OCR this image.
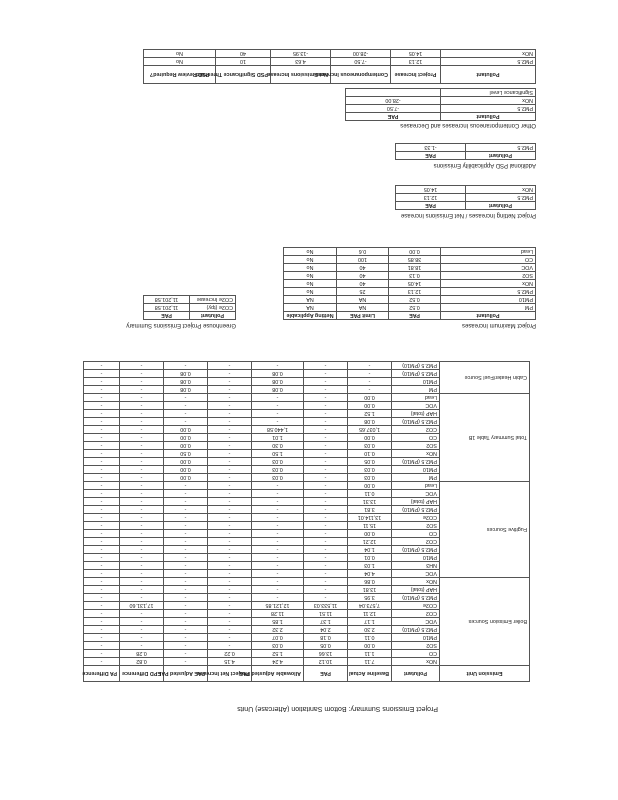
Pollutant	Project Increase	Contemporaneous Increases	Net Emissions Increase	PSD Significance Threshold	PSD Review Required?
PM2.5	12.13	-7.50	4.63	10	No
NOx	14.05	-28.00	-13.95	40	No
Other Contemporaneous Increases and Decreases
Pollutant	PAE
PM2.5	-7.50
NOx	-28.00
Significance Level	
Additional PSD Applicability Emissions
Pollutant	PAE
PM2.5	-1.33
Project Netting Increases / Net Emissions Increase
Pollutant	PAE
PM2.5	12.13
NOx	14.05
Project Maximum Increases
Pollutant	PAE	Limit PAE	Netting Applicable
PM	0.52	NA	NA
PM10	0.52	NA	NA
PM2.5	12.13	25	No
NOx	14.05	40	No
SO2	0.13	40	No
VOC	18.81	40	No
CO	38.85	100	No
Lead	0.00	0.6	No
Greenhouse Project Emissions Summary
Pollutant	PAE
CO2e (tpy)	11,201.58
CO2e Increase	11,201.58
Emission Unit	Pollutant	Baseline Actual	PAE	Allowable Adjusted PAE	Project Net Increase	PAE Adjusted PAE	EPD Difference	PA Difference
Boiler Emission Sources	NOx	7.11	10.12	4.24	4.15	-	0.82	-
	CO	1.11	13.66	1.52	0.22	-	0.28	-
	SO2	0.00	0.05	0.03	-	-	-	-
	PM10	0.11	0.18	0.07	-	-	-	-
	PM2.5 (PM10)	2.30	2.04	2.32	-	-	-	-
	VOC	1.17	1.37	1.85	-	-	-	-
	CO2	12.11	11.51	11.28	-	-	-	-
	CO2e	7,573.04	11,533.03	12,121.85	-	-	17,131.60	-
	PM2.5 (PM10)	3.95	-	-	-	-	-	-
	HAP (total)	13.81	-	-	-	-	-	-
	NOx	0.86	-	-	-	-	-	-
Fugitive Sources	VOC	4.04	-	-	-	-	-	-
	NH3	1.03	-	-	-	-	-	-
	PM10	0.01	-	-	-	-	-	-
	PM2.5 (PM10)	1.04	-	-	-	-	-	-
	CO2	12.21	-	-	-	-	-	-
	CO	0.00	-	-	-	-	-	-
	SO2	15.11	-	-	-	-	-	-
	CO2e	13,114.01	-	-	-	-	-	-
	PM2.5 (PM10)	3.81	-	-	-	-	-	-
	HAP (total)	13.31	-	-	-	-	-	-
	VOC	0.11	-	-	-	-	-	-
	Lead	0.00	-	-	-	-	-	-
Total Summary Table 1B	PM	0.03	-	0.03	-	0.00	-	-
	PM10	0.03	-	0.03	-	0.00	-	-
	PM2.5 (PM10)	0.05	-	0.03	-	0.00	-	-
	NOx	0.10	-	1.50	-	0.50	-	-
	SO2	0.03	-	0.30	-	0.00	-	-
	CO	0.00	-	1.01	-	0.00	-	-
	CO2	1,037.65	-	1,440.58	-	0.00	-	-
	PM2.5 (PM10)	0.08	-	-	-	-	-	-
	HAP (total)	1.52	-	-	-	-	-	-
	VOC	0.00	-	-	-	-	-	-
	Lead	0.00	-	-	-	-	-	-
Cabin Heater/Fuel Source	PM	-	-	0.08	-	0.08	-	-
	PM10	-	-	0.08	-	0.08	-	-
	PM2.5 (PM10)	-	-	0.08	-	0.08	-	-
	PM2.5 (PM10)	-	-	-	-	-	-	-
Project Emissions Summary: Bottom Sanitation (Aftercase) Units
